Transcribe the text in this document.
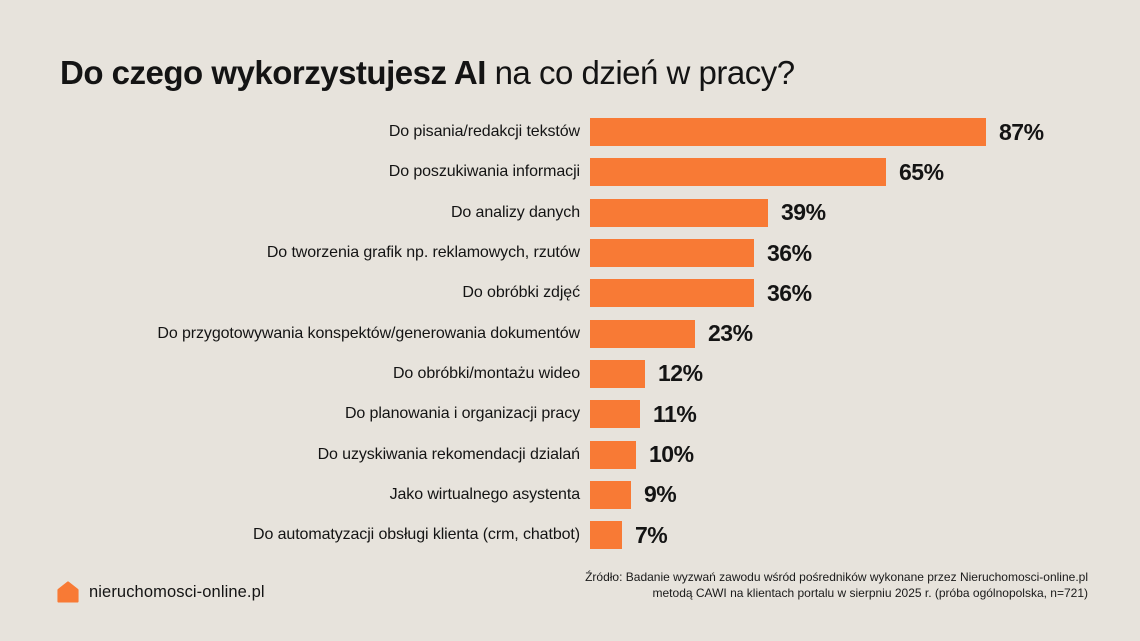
Do czego wykorzystujesz AI na co dzień w pracy?
Do pisania/redakcji tekstów	87%
Do poszukiwania informacji	65%
Do analizy danych	39%
Do tworzenia grafik np. reklamowych, rzutów	36%
Do obróbki zdjęć	36%
Do przygotowywania konspektów/generowania dokumentów	23%
Do obróbki/montażu wideo	12%
Do planowania i organizacji pracy	11%
Do uzyskiwania rekomendacji dzialań	10%
Jako wirtualnego asystenta	9%
Do automatyzacji obsługi klienta (crm, chatbot) 7%
nieruchomosci-online.pl
Źródło: Badanie wyzwań zawodu wśród pośredników wykonane przez Nieruchomosci-online.pl
metodą CAWI na klientach portalu w sierpniu 2025 r. (próba ogólnopolska, n=721)
